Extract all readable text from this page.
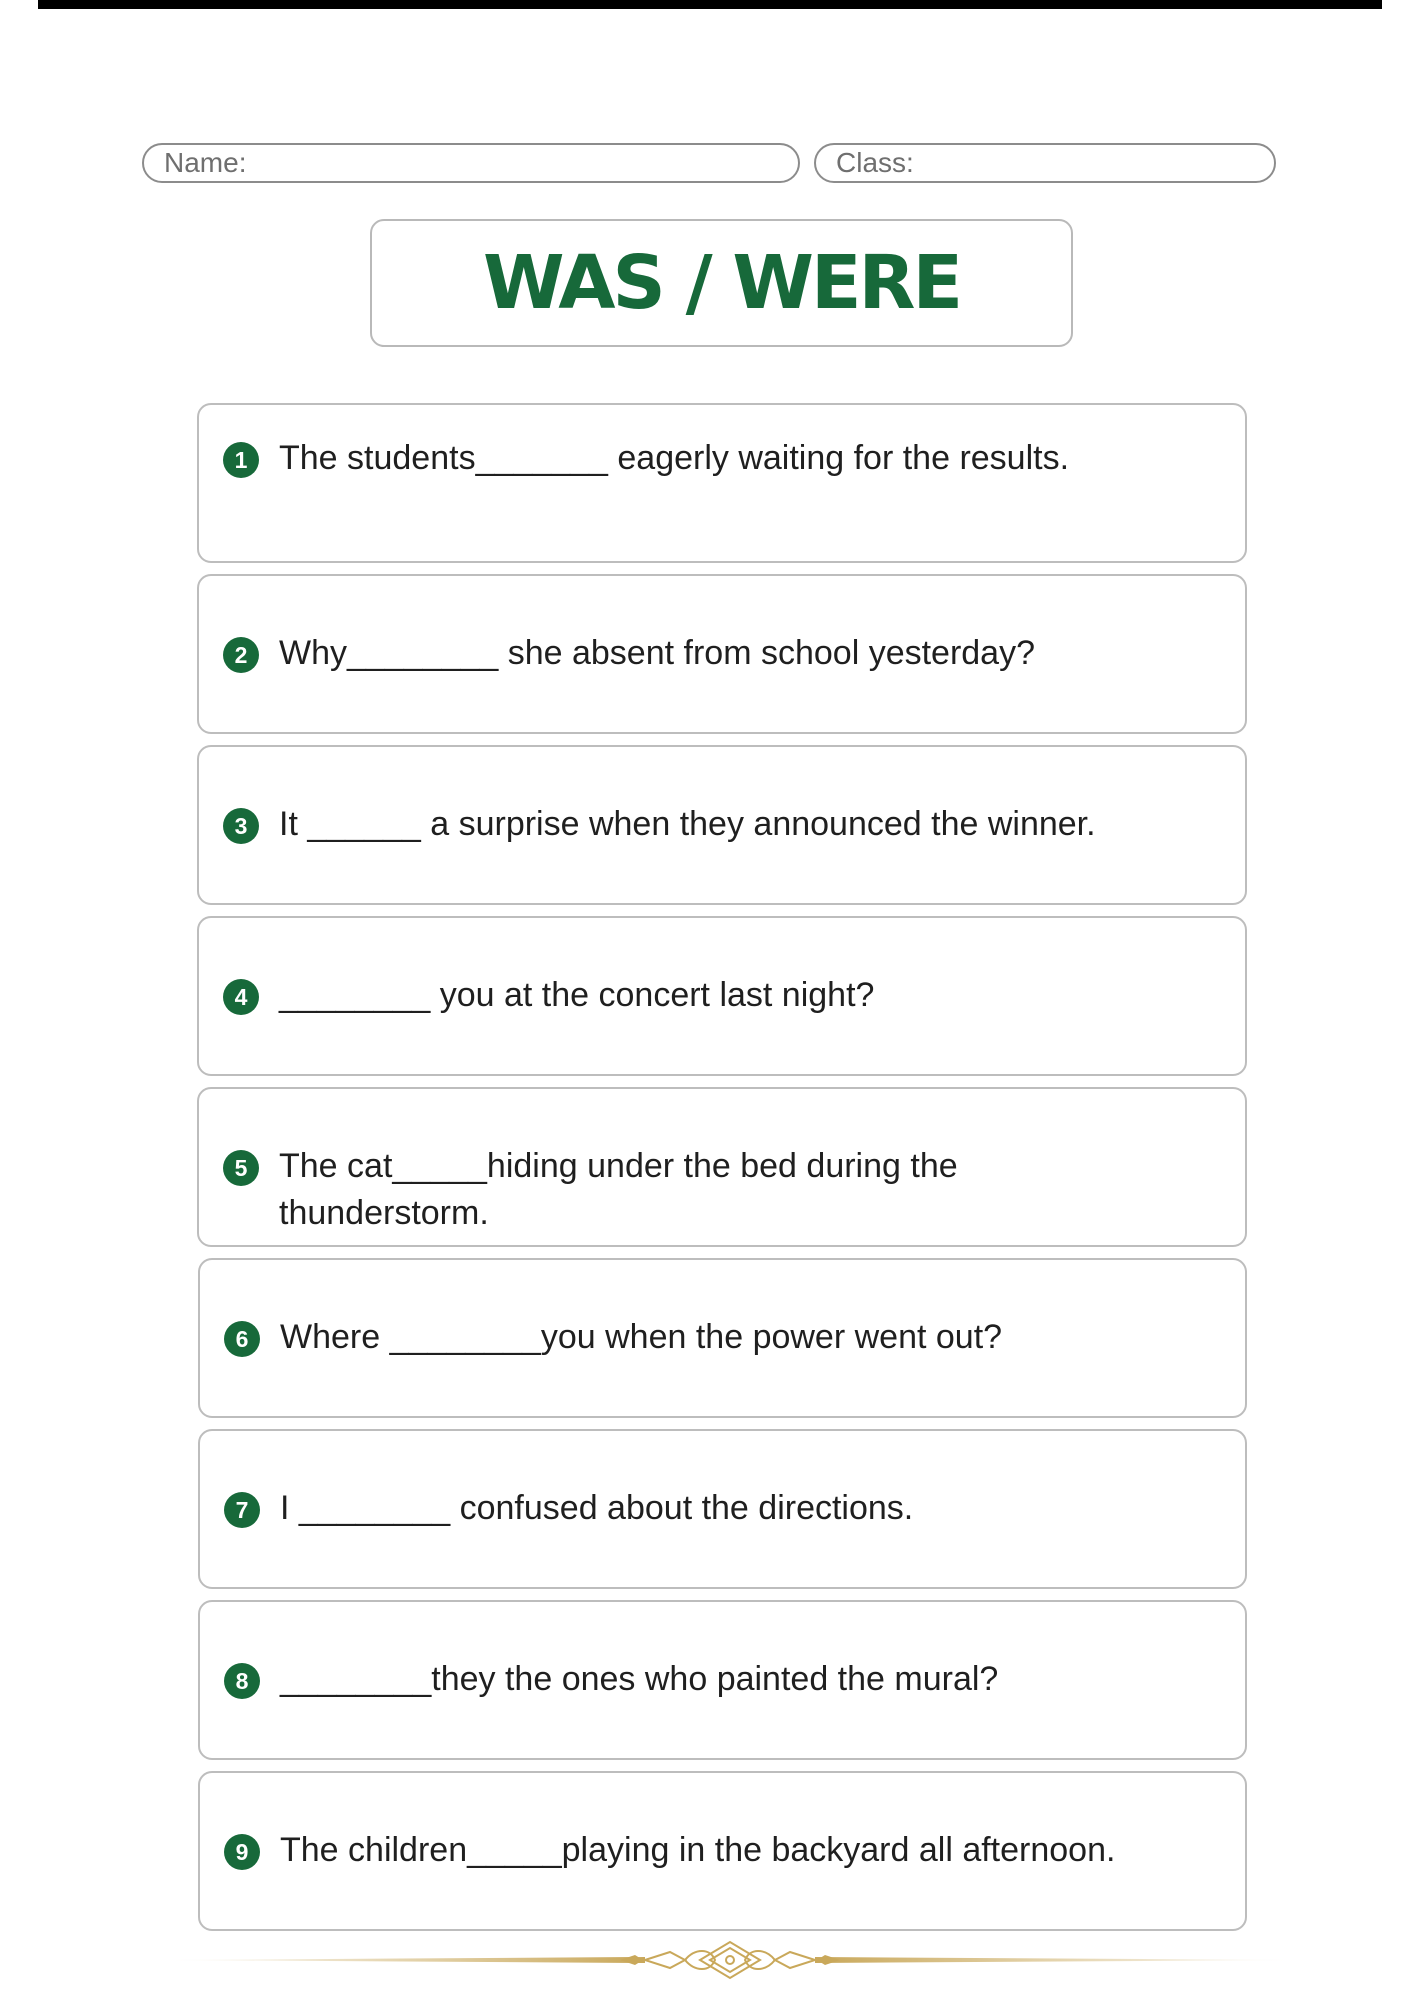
Name:	Class:
WAS / WERE
1 The students_______ eagerly waiting for the results.
2 Why________ she absent from school yesterday?
3 It ______ a surprise when they announced the winner.
4 ________ you at the concert last night?
5 The cat_____hiding under the bed during the thunderstorm.
6 Where ________you when the power went out?
7 I ________ confused about the directions.
8 ________they the ones who painted the mural?
9 The children_____playing in the backyard all afternoon.
